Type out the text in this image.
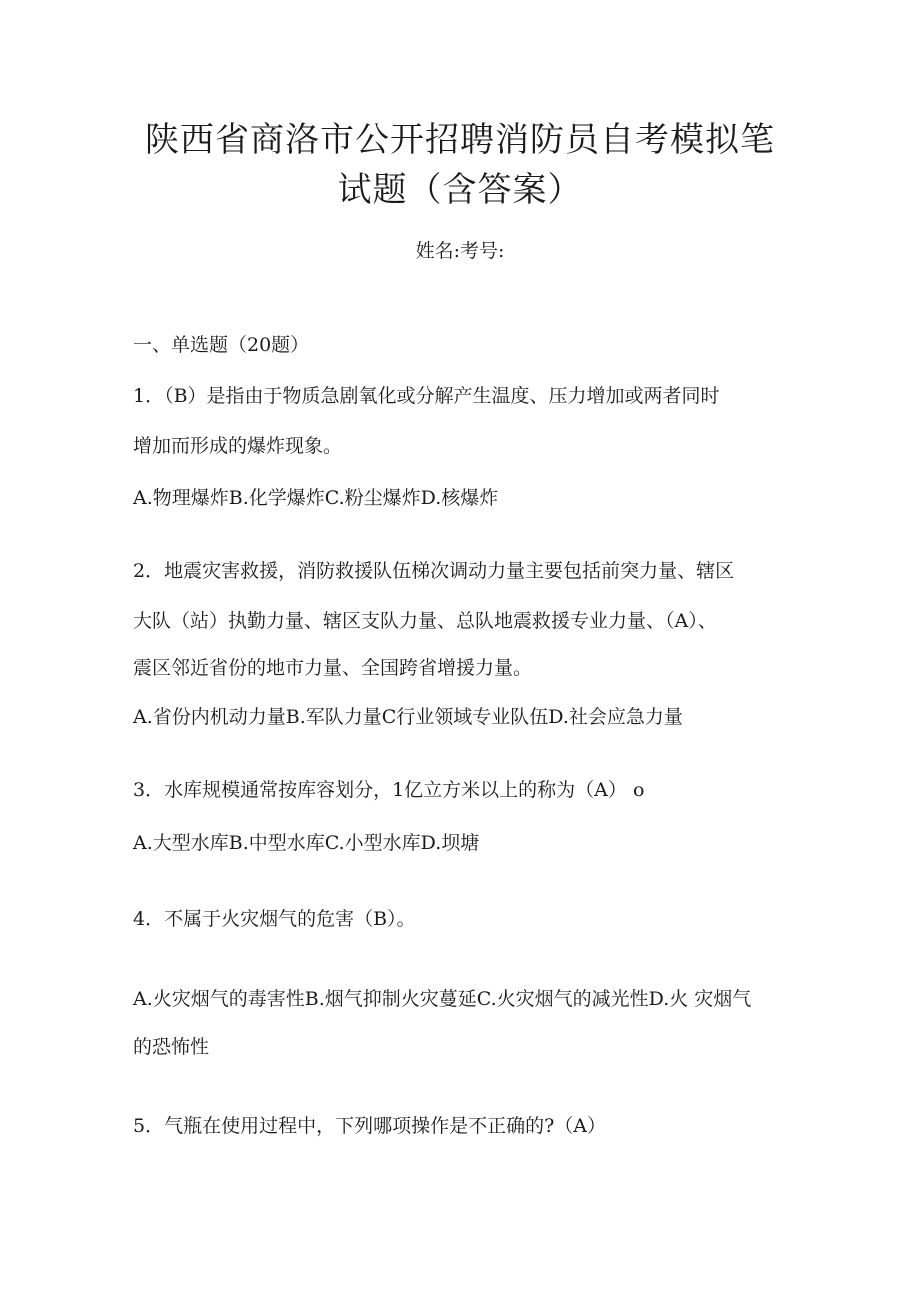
陕西省商洛市公开招聘消防员自考模拟笔
试题（含答案）
姓名:考号:
一、单选题（20题）
1．（B）是指由于物质急剧氧化或分解产生温度、压力增加或两者同时
增加而形成的爆炸现象。
A.物理爆炸B.化学爆炸C.粉尘爆炸D.核爆炸
2．地震灾害救援，消防救援队伍梯次调动力量主要包括前突力量、辖区
大队（站）执勤力量、辖区支队力量、总队地震救援专业力量、（A）、
震区邻近省份的地市力量、全国跨省增援力量。
A.省份内机动力量B.军队力量C行业领域专业队伍D.社会应急力量
3．水库规模通常按库容划分，1亿立方米以上的称为（A） o
A.大型水库B.中型水库C.小型水库D.坝塘
4．不属于火灾烟气的危害（B）。
A.火灾烟气的毒害性B.烟气抑制火灾蔓延C.火灾烟气的减光性D.火 灾烟气
的恐怖性
5．气瓶在使用过程中，下列哪项操作是不正确的?（A）
